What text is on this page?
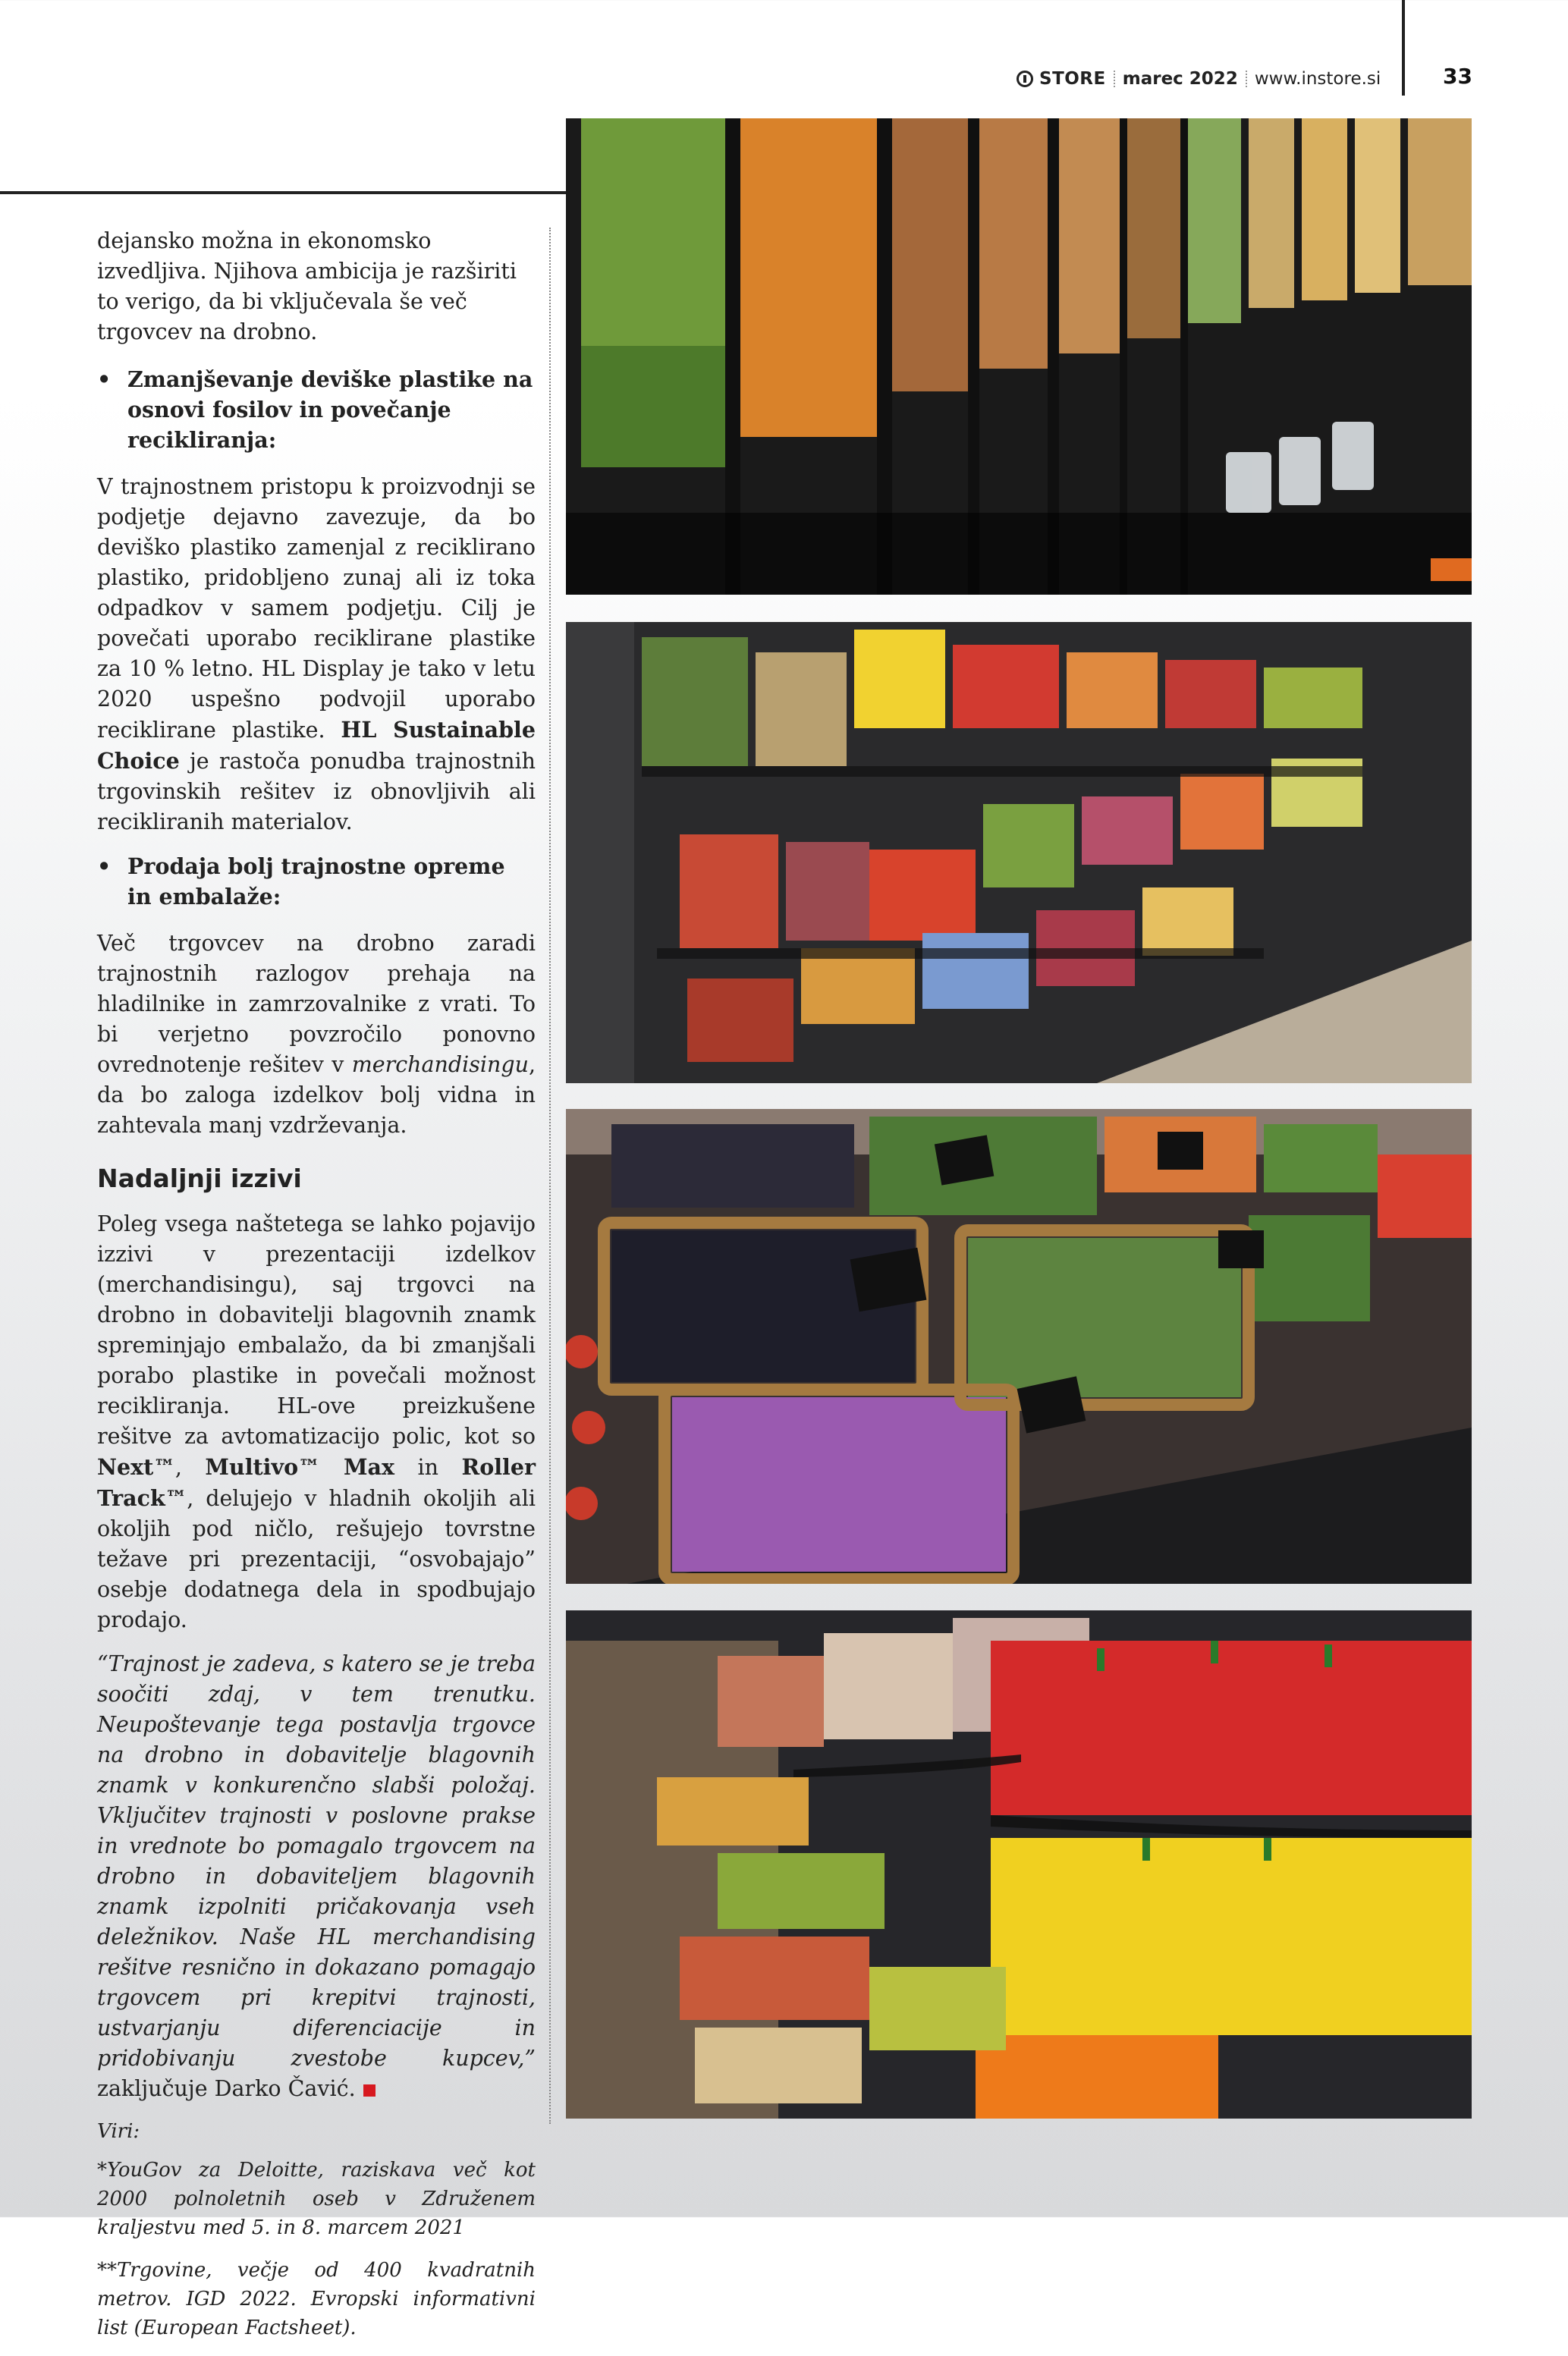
STORE marec 2022 www.instore.si	33

dejansko možna in ekonomsko izvedljiva. Njihova ambicija je razširiti to verigo, da bi vključevala še več trgovcev na drobno.

• Zmanjševanje deviške plastike na osnovi fosilov in povečanje recikliranja:

V trajnostnem pristopu k proizvodnji se podjetje dejavno zavezuje, da bo deviško plastiko zamenjal z reciklirano plastiko, pridobljeno zunaj ali iz toka odpadkov v samem podjetju. Cilj je povečati uporabo reciklirane plastike za 10 % letno. HL Display je tako v letu 2020 uspešno podvojil uporabo reciklirane plastike. HL Sustainable Choice je rastoča ponudba trajnostnih trgovinskih rešitev iz obnovljivih ali recikliranih materialov.

• Prodaja bolj trajnostne opreme in embalaže:

Več trgovcev na drobno zaradi trajnostnih razlogov prehaja na hladilnike in zamrzovalnike z vrati. To bi verjetno povzročilo ponovno ovrednotenje rešitev v merchandisingu, da bo zaloga izdelkov bolj vidna in zahtevala manj vzdrževanja.

Nadaljnji izzivi

Poleg vsega naštetega se lahko pojavijo izzivi v prezentaciji izdelkov (merchandisingu), saj trgovci na drobno in dobavitelji blagovnih znamk spreminjajo embalažo, da bi zmanjšali porabo plastike in povečali možnost recikliranja. HL-ove preizkušene rešitve za avtomatizacijo polic, kot so Next™, Multivo™ Max in Roller Track™, delujejo v hladnih okoljih ali okoljih pod ničlo, rešujejo tovrstne težave pri prezentaciji, “osvobajajo” osebje dodatnega dela in spodbujajo prodajo.

“Trajnost je zadeva, s katero se je treba soočiti zdaj, v tem trenutku. Neupoštevanje tega postavlja trgovce na drobno in dobavitelje blagovnih znamk v konkurenčno slabši položaj. Vključitev trajnosti v poslovne prakse in vrednote bo pomagalo trgovcem na drobno in dobaviteljem blagovnih znamk izpolniti pričakovanja vseh deležnikov. Naše HL merchandising rešitve resnično in dokazano pomagajo trgovcem pri krepitvi trajnosti, ustvarjanju diferenciacije in pridobivanju zvestobe kupcev,” zaključuje Darko Čavić.

Viri:

*YouGov za Deloitte, raziskava več kot 2000 polnoletnih oseb v Združenem kraljestvu med 5. in 8. marcem 2021

**Trgovine, večje od 400 kvadratnih metrov. IGD 2022. Evropski informativni list (European Factsheet).
